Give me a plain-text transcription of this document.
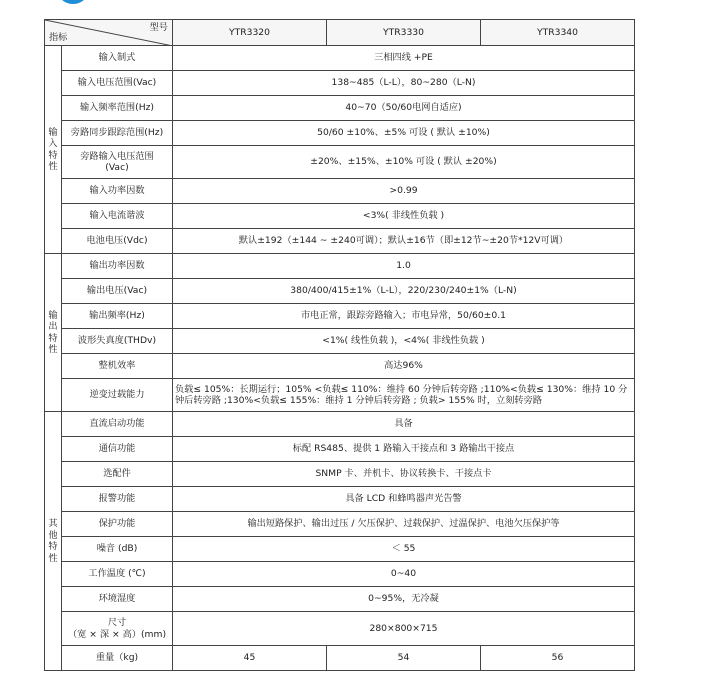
型号
指标		YTR3320	YTR3330	YTR3340
输入特性	输入制式	三相四线 +PE		
	输入电压范围(Vac)	138~485（L-L），80~280（L-N)		
	输入频率范围(Hz)	40~70（50/60电网自适应)		
	旁路同步跟踪范围(Hz)	50/60 ±10%、±5% 可设 ( 默认 ±10%)		
	旁路输入电压范围
(Vac)	±20%、±15%、±10% 可设 ( 默认 ±20%)		
	输入功率因数	>0.99		
	输入电流谐波	<3%( 非线性负载 )		
	电池电压(Vdc)	默认±192（±144 ~ ±240可调）；默认±16节（即±12节~±20节*12V可调）		
输出特性	输出功率因数	1.0		
	输出电压(Vac)	380/400/415±1%（L-L），220/230/240±1%（L-N)		
	输出频率(Hz)	市电正常，跟踪旁路输入；市电异常，50/60±0.1		
	波形失真度(THDv)	<1%( 线性负载 )，<4%( 非线性负载 )		
	整机效率	高达96%		
	逆变过载能力	负载≤ 105%：长期运行；105% <负载≤ 110%：维持 60 分钟后转旁路 ;110%<负载≤ 130%：维持 10 分钟后转旁路 ;130%<负载≤ 155%：维持 1 分钟后转旁路 ; 负载> 155% 时，立刻转旁路		
其他特性	直流启动功能	具备		
	通信功能	标配 RS485、提供 1 路输入干接点和 3 路输出干接点		
	选配件	SNMP 卡、并机卡、协议转换卡、干接点卡		
	报警功能	具备 LCD 和蜂鸣器声光告警		
	保护功能	输出短路保护、输出过压 / 欠压保护、过载保护、过温保护、电池欠压保护等		
	噪音 (dB)	＜ 55		
	工作温度 (℃)	0~40		
	环境湿度	0~95%，无冷凝		
	尺寸
（宽 × 深 × 高）(mm)	280×800×715		
	重量（kg)	45	54	56
